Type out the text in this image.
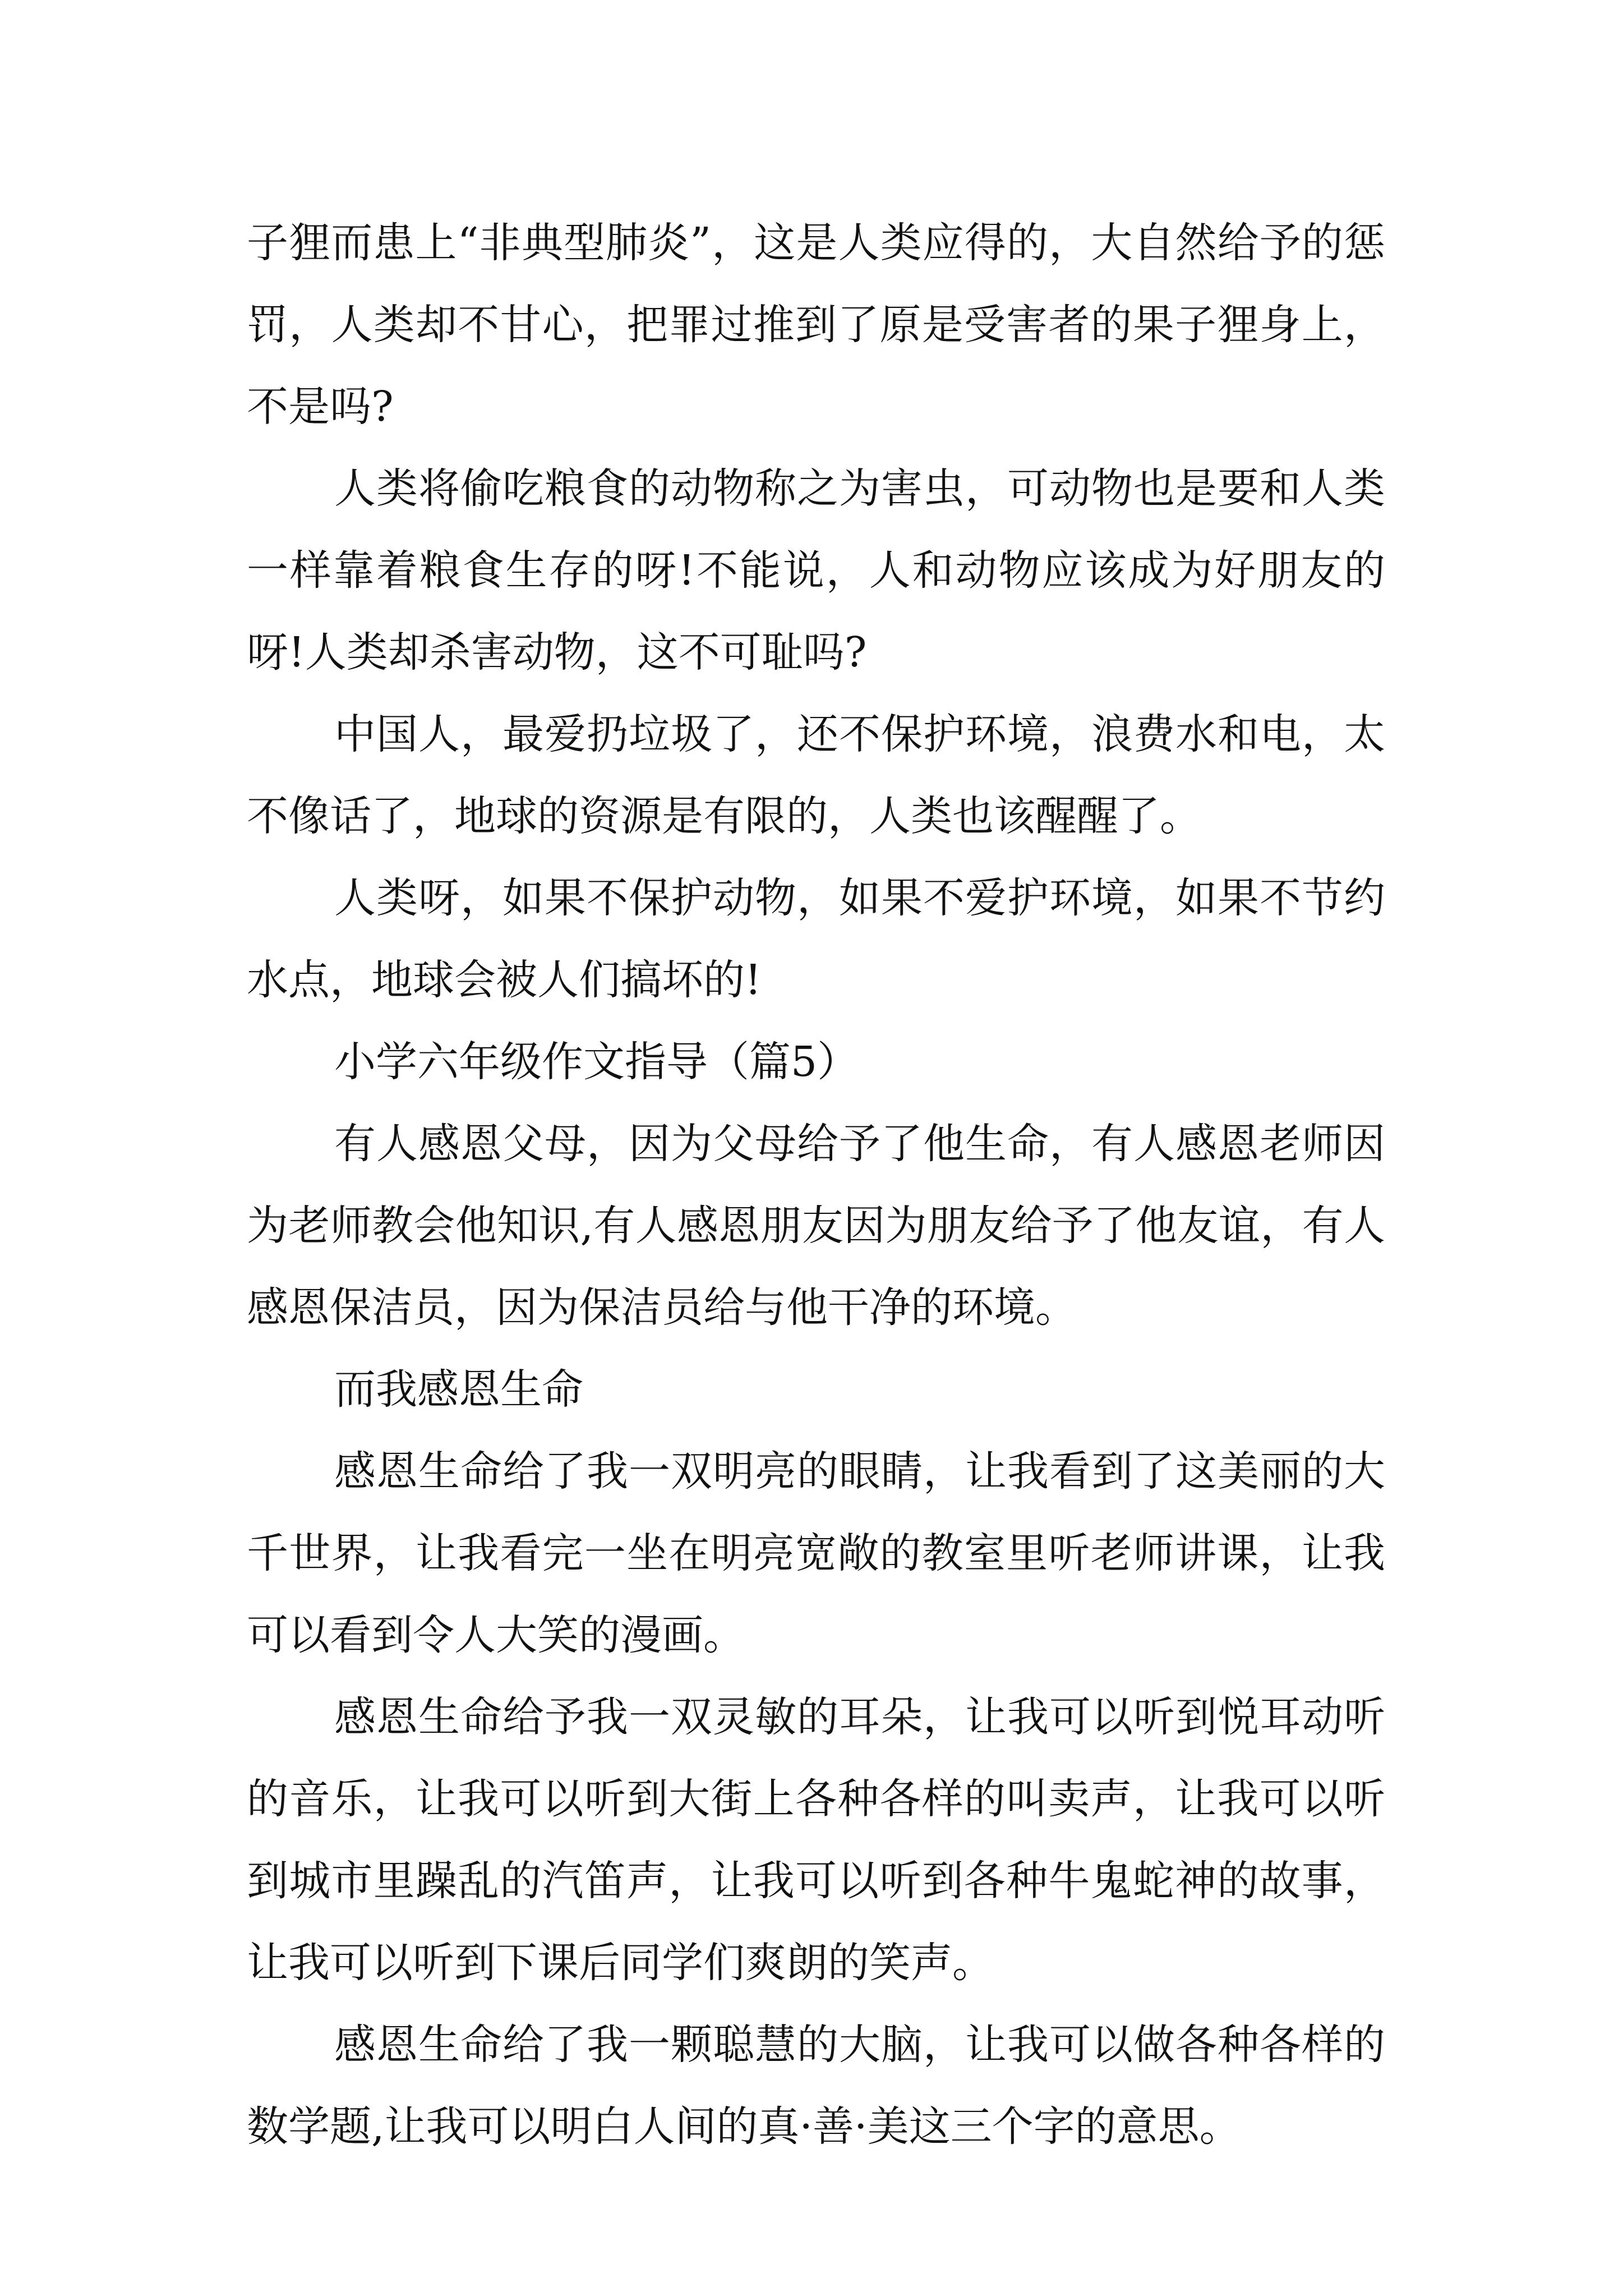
子狸而患上“非典型肺炎”，这是人类应得的，大自然给予的惩罚，人类却不甘心，把罪过推到了原是受害者的果子狸身上，不是吗?

人类将偷吃粮食的动物称之为害虫，可动物也是要和人类一样靠着粮食生存的呀!不能说，人和动物应该成为好朋友的呀!人类却杀害动物，这不可耻吗?

中国人，最爱扔垃圾了，还不保护环境，浪费水和电，太不像话了，地球的资源是有限的，人类也该醒醒了。

人类呀，如果不保护动物，如果不爱护环境，如果不节约水点，地球会被人们搞坏的!

小学六年级作文指导（篇5）

有人感恩父母，因为父母给予了他生命，有人感恩老师因为老师教会他知识,有人感恩朋友因为朋友给予了他友谊，有人感恩保洁员，因为保洁员给与他干净的环境。

而我感恩生命

感恩生命给了我一双明亮的眼睛，让我看到了这美丽的大千世界，让我看完一坐在明亮宽敞的教室里听老师讲课，让我可以看到令人大笑的漫画。

感恩生命给予我一双灵敏的耳朵，让我可以听到悦耳动听的音乐，让我可以听到大街上各种各样的叫卖声，让我可以听到城市里躁乱的汽笛声，让我可以听到各种牛鬼蛇神的故事，让我可以听到下课后同学们爽朗的笑声。

感恩生命给了我一颗聪慧的大脑，让我可以做各种各样的数学题,让我可以明白人间的真·善·美这三个字的意思。
